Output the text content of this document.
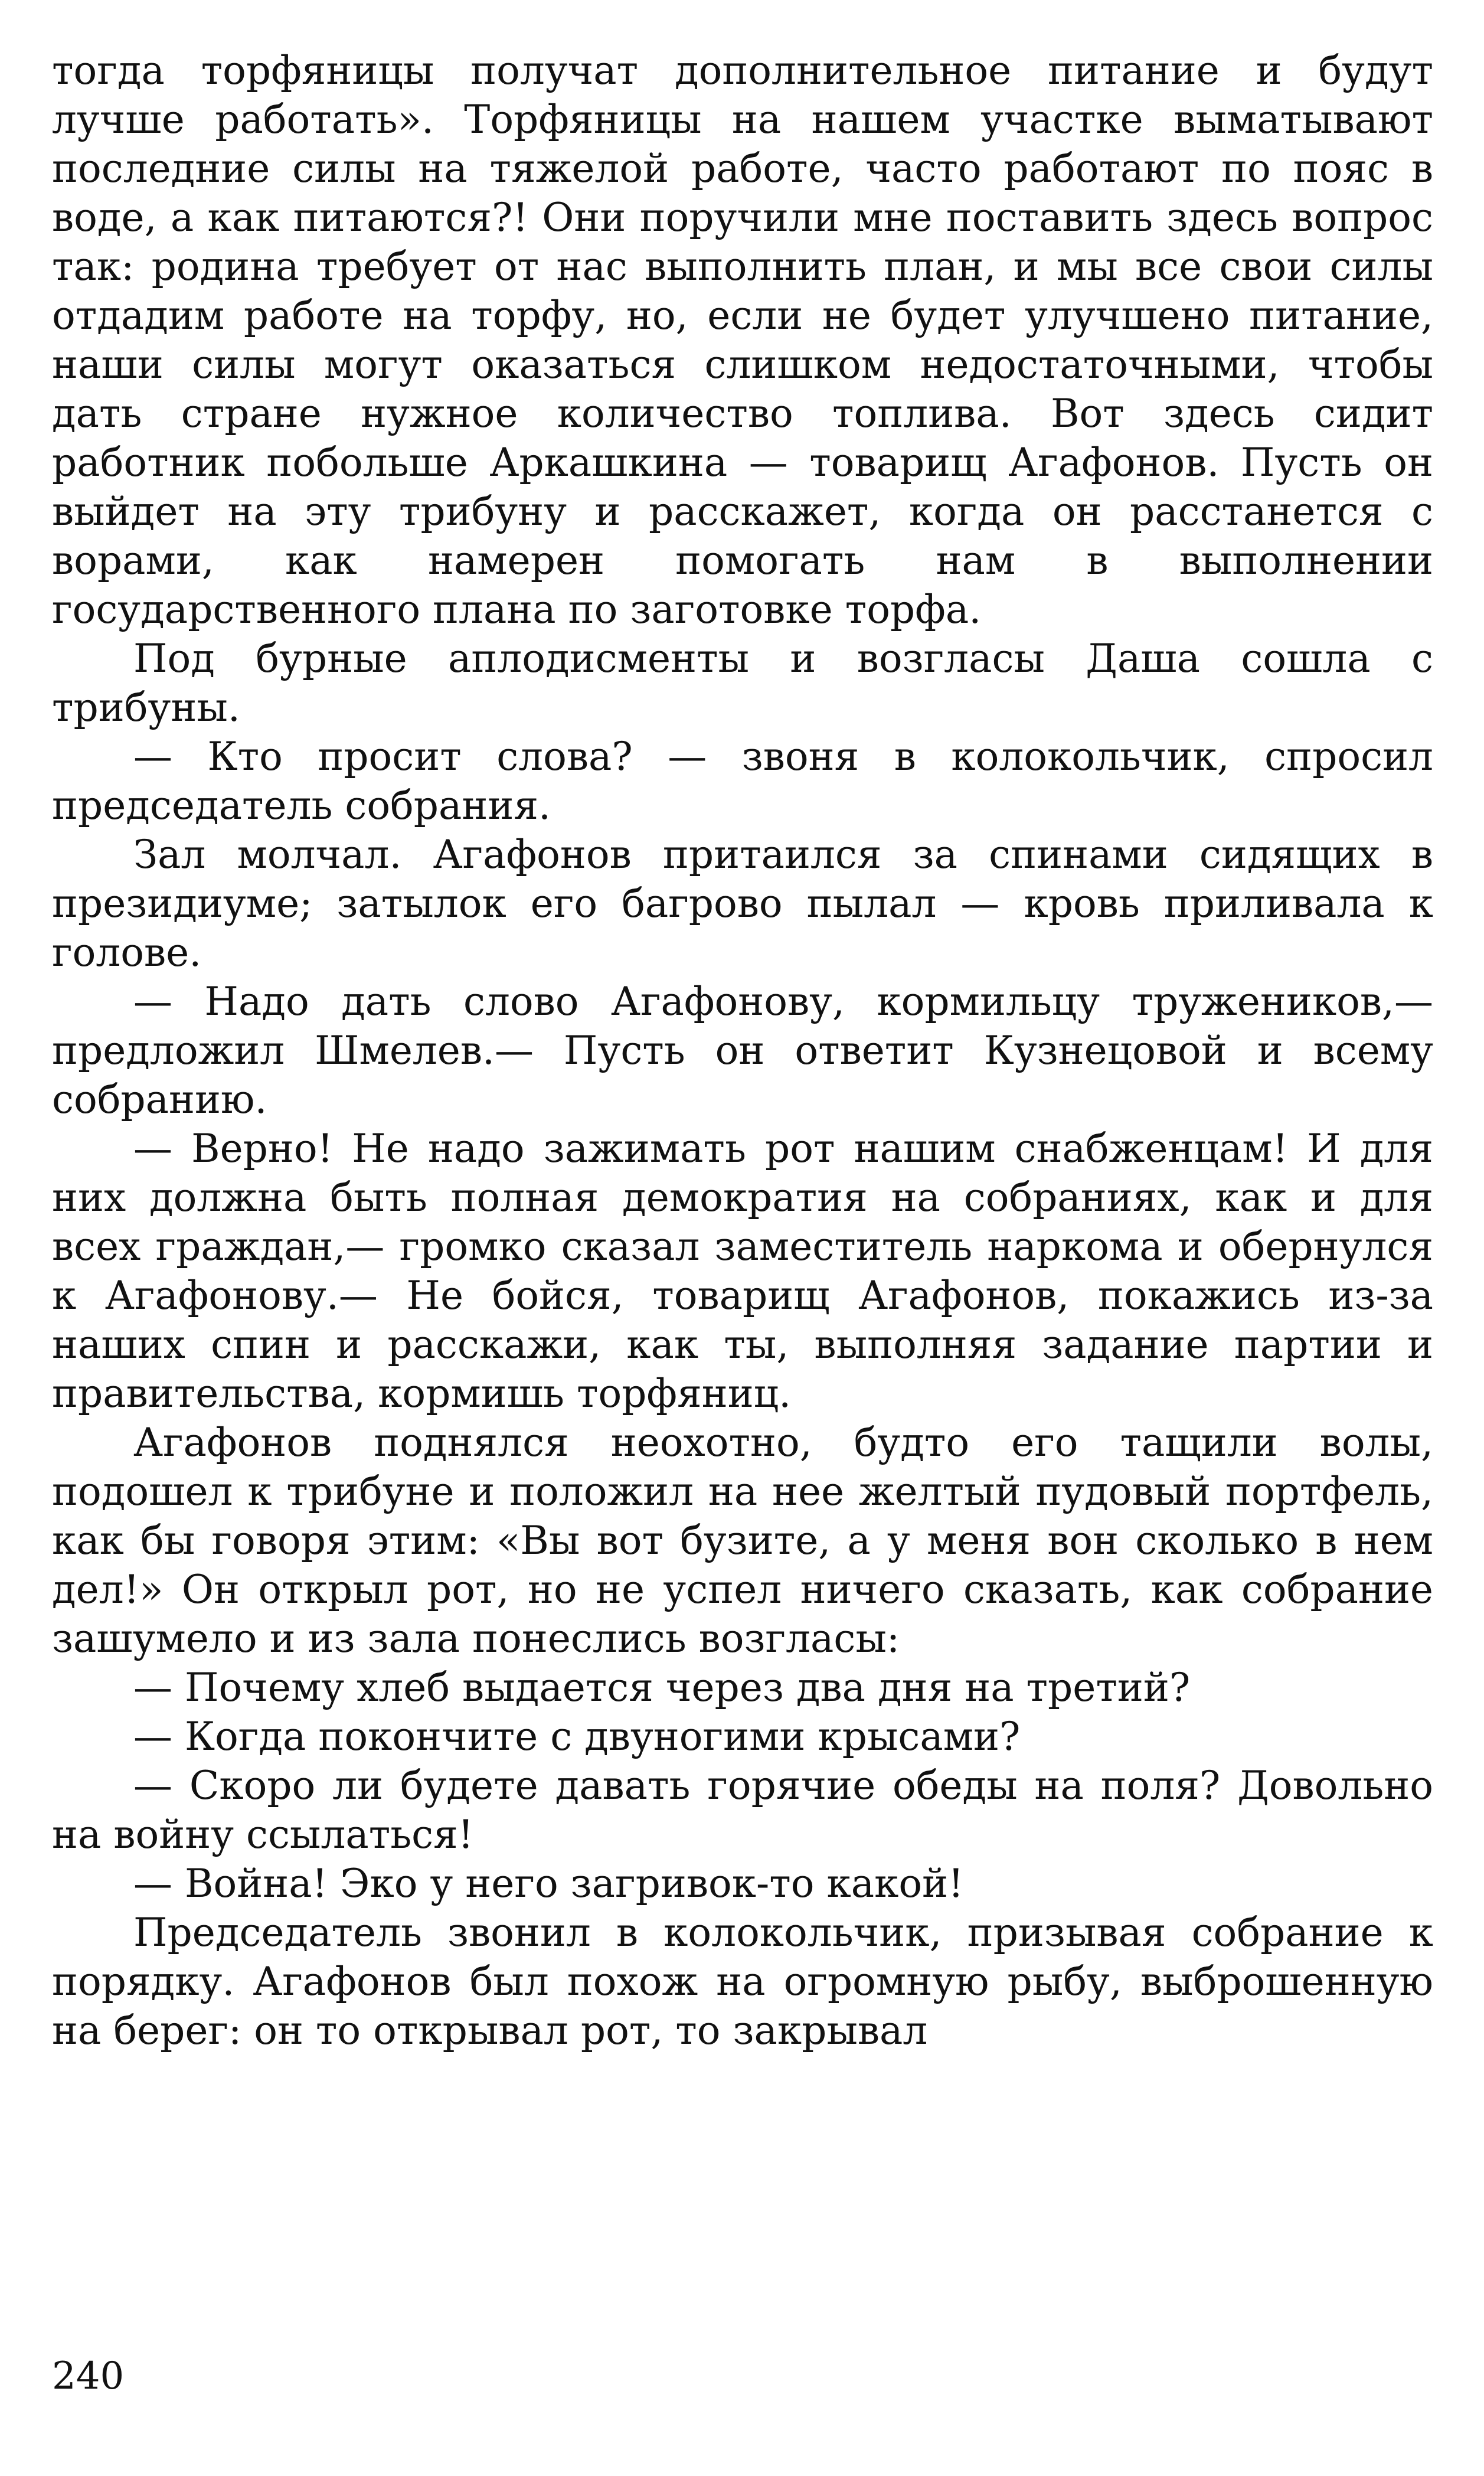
тогда торфяницы получат дополнительное питание и будут лучше работать». Торфяницы на нашем участке выматывают последние силы на тяжелой работе, часто работают по пояс в воде, а как питаются?! Они поручили мне поставить здесь вопрос так: родина требует от нас выполнить план, и мы все свои силы отдадим работе на торфу, но, если не будет улучшено питание, наши силы могут оказаться слишком недостаточными, чтобы дать стране нужное количество топлива. Вот здесь сидит работник побольше Аркашкина — товарищ Агафонов. Пусть он выйдет на эту трибуну и расскажет, когда он расстанется с ворами, как намерен помогать нам в выполнении государственного плана по заготовке торфа.

Под бурные аплодисменты и возгласы Даша сошла с трибуны.

— Кто просит слова? — звоня в колокольчик, спросил председатель собрания.

Зал молчал. Агафонов притаился за спинами сидящих в президиуме; затылок его багрово пылал — кровь приливала к голове.

— Надо дать слово Агафонову, кормильцу тружеников,— предложил Шмелев.— Пусть он ответит Кузнецовой и всему собранию.

— Верно! Не надо зажимать рот нашим снабженцам! И для них должна быть полная демократия на собраниях, как и для всех граждан,— громко сказал заместитель наркома и обернулся к Агафонову.— Не бойся, товарищ Агафонов, покажись из-за наших спин и расскажи, как ты, выполняя задание партии и правительства, кормишь торфяниц.

Агафонов поднялся неохотно, будто его тащили волы, подошел к трибуне и положил на нее желтый пудовый портфель, как бы говоря этим: «Вы вот бузите, а у меня вон сколько в нем дел!» Он открыл рот, но не успел ничего сказать, как собрание зашумело и из зала понеслись возгласы:

— Почему хлеб выдается через два дня на третий?

— Когда покончите с двуногими крысами?

— Скоро ли будете давать горячие обеды на поля? Довольно на войну ссылаться!

— Война! Эко у него загривок-то какой!

Председатель звонил в колокольчик, призывая собрание к порядку. Агафонов был похож на огромную рыбу, выброшенную на берег: он то открывал рот, то закрывал

240
